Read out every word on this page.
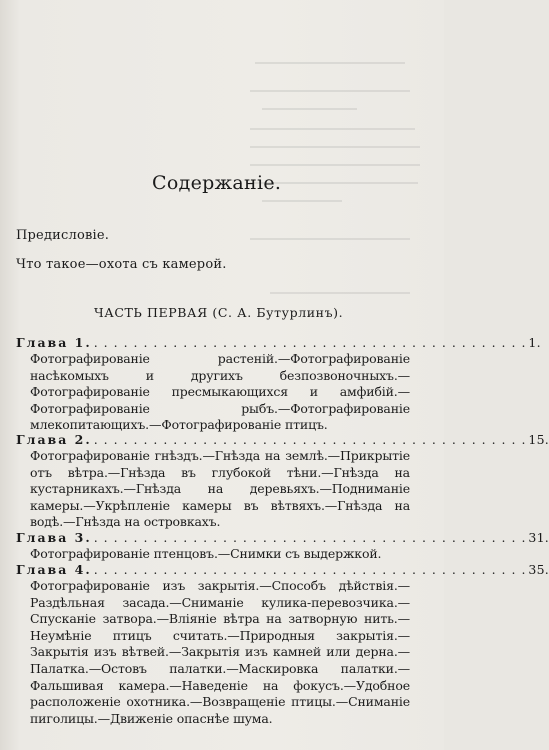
Содержаніе.
Предисловіе.
Что такое—охота съ камерой.
ЧАСТЬ ПЕРВАЯ (С. А. Бутурлинъ).
Глава 1. . . . . . . . . . . . . . . . . . . . . . . . . . . . . . . . . . . . . . . . . . . . . 1.
Фотографированіе растеній.—Фотографированіе насѣкомыхъ и другихъ безпозвоночныхъ.—Фотографированіе пресмыкающихся и амфибій.—Фотографированіе рыбъ.—Фотографированіе млекопитающихъ.—Фотографированіе птицъ.
Глава 2. . . . . . . . . . . . . . . . . . . . . . . . . . . . . . . . . . . . . . . . . . . . . 15.
Фотографированіе гнѣздъ.—Гнѣзда на землѣ.—Прикрытіе отъ вѣтра.—Гнѣзда въ глубокой тѣни.—Гнѣзда на кустарникахъ.—Гнѣзда на деревьяхъ.—Подниманіе камеры.—Укрѣпленіе камеры въ вѣтвяхъ.—Гнѣзда на водѣ.—Гнѣзда на островкахъ.
Глава 3. . . . . . . . . . . . . . . . . . . . . . . . . . . . . . . . . . . . . . . . . . . . . 31.
Фотографированіе птенцовъ.—Снимки съ выдержкой.
Глава 4. . . . . . . . . . . . . . . . . . . . . . . . . . . . . . . . . . . . . . . . . . . . . 35.
Фотографированіе изъ закрытія.—Способъ дѣйствія.—Раздѣльная засада.—Сниманіе кулика-перевозчика.—Спусканіе затвора.—Вліяніе вѣтра на затворную нить.—Неумѣніе птицъ считать.—Природныя закрытія.—Закрытія изъ вѣтвей.—Закрытія изъ камней или дерна.—Палатка.—Остовъ палатки.—Маскировка палатки.—Фальшивая камера.—Наведеніе на фокусъ.—Удобное расположеніе охотника.—Возвращеніе птицы.—Сниманіе пиголицы.—Движеніе опаснѣе шума.
